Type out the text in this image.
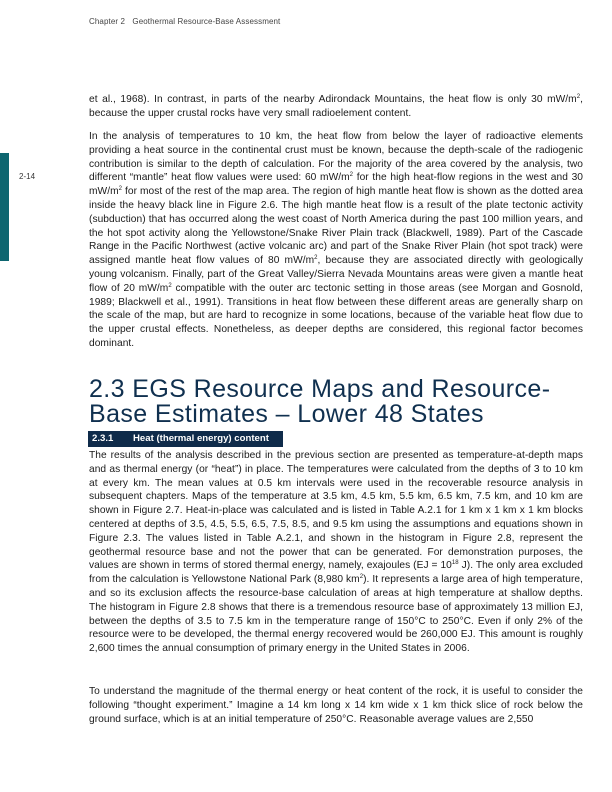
Chapter 2 Geothermal Resource-Base Assessment
2-14

et al., 1968). In contrast, in parts of the nearby Adirondack Mountains, the heat flow is only 30 $mW/m^2$, because the upper crustal rocks have very small radioelement content.

In the analysis of temperatures to 10 km, the heat flow from below the layer of radioactive elements providing a heat source in the continental crust must be known, because the depth-scale of the radiogenic contribution is similar to the depth of calculation. For the majority of the area covered by the analysis, two different “mantle” heat flow values were used: 60 $mW/m^2$ for the high heat-flow regions in the west and 30 $mW/m^2$ for most of the rest of the map area. The region of high mantle heat flow is shown as the dotted area inside the heavy black line in Figure 2.6. The high mantle heat flow is a result of the plate tectonic activity (subduction) that has occurred along the west coast of North America during the past 100 million years, and the hot spot activity along the Yellowstone/Snake River Plain track (Blackwell, 1989). Part of the Cascade Range in the Pacific Northwest (active volcanic arc) and part of the Snake River Plain (hot spot track) were assigned mantle heat flow values of 80 $mW/m^2$, because they are associated directly with geologically young volcanism. Finally, part of the Great Valley/Sierra Nevada Mountains areas were given a mantle heat flow of 20 $mW/m^2$ compatible with the outer arc tectonic setting in those areas (see Morgan and Gosnold, 1989; Blackwell et al., 1991). Transitions in heat flow between these different areas are generally sharp on the scale of the map, but are hard to recognize in some locations, because of the variable heat flow due to the upper crustal effects. Nonetheless, as deeper depths are considered, this regional factor becomes dominant.

2.3 EGS Resource Maps and Resource-Base Estimates – Lower 48 States
2.3.1 Heat (thermal energy) content

The results of the analysis described in the previous section are presented as temperature-at-depth maps and as thermal energy (or “heat”) in place. The temperatures were calculated from the depths of 3 to 10 km at every km. The mean values at 0.5 km intervals were used in the recoverable resource analysis in subsequent chapters. Maps of the temperature at 3.5 km, 4.5 km, 5.5 km, 6.5 km, 7.5 km, and 10 km are shown in Figure 2.7. Heat-in-place was calculated and is listed in Table A.2.1 for 1 km x 1 km x 1 km blocks centered at depths of 3.5, 4.5, 5.5, 6.5, 7.5, 8.5, and 9.5 km using the assumptions and equations shown in Figure 2.3. The values listed in Table A.2.1, and shown in the histogram in Figure 2.8, represent the geothermal resource base and not the power that can be generated. For demonstration purposes, the values are shown in terms of stored thermal energy, namely, exajoules ($EJ = 10^{18}$ J). The only area excluded from the calculation is Yellowstone National Park (8,980 $km^2$). It represents a large area of high temperature, and so its exclusion affects the resource-base calculation of areas at high temperature at shallow depths. The histogram in Figure 2.8 shows that there is a tremendous resource base of approximately 13 million EJ, between the depths of 3.5 to 7.5 km in the temperature range of 150°C to 250°C. Even if only 2% of the resource were to be developed, the thermal energy recovered would be 260,000 EJ. This amount is roughly 2,600 times the annual consumption of primary energy in the United States in 2006.

To understand the magnitude of the thermal energy or heat content of the rock, it is useful to consider the following “thought experiment.” Imagine a 14 km long x 14 km wide x 1 km thick slice of rock below the ground surface, which is at an initial temperature of 250°C. Reasonable average values are 2,550
